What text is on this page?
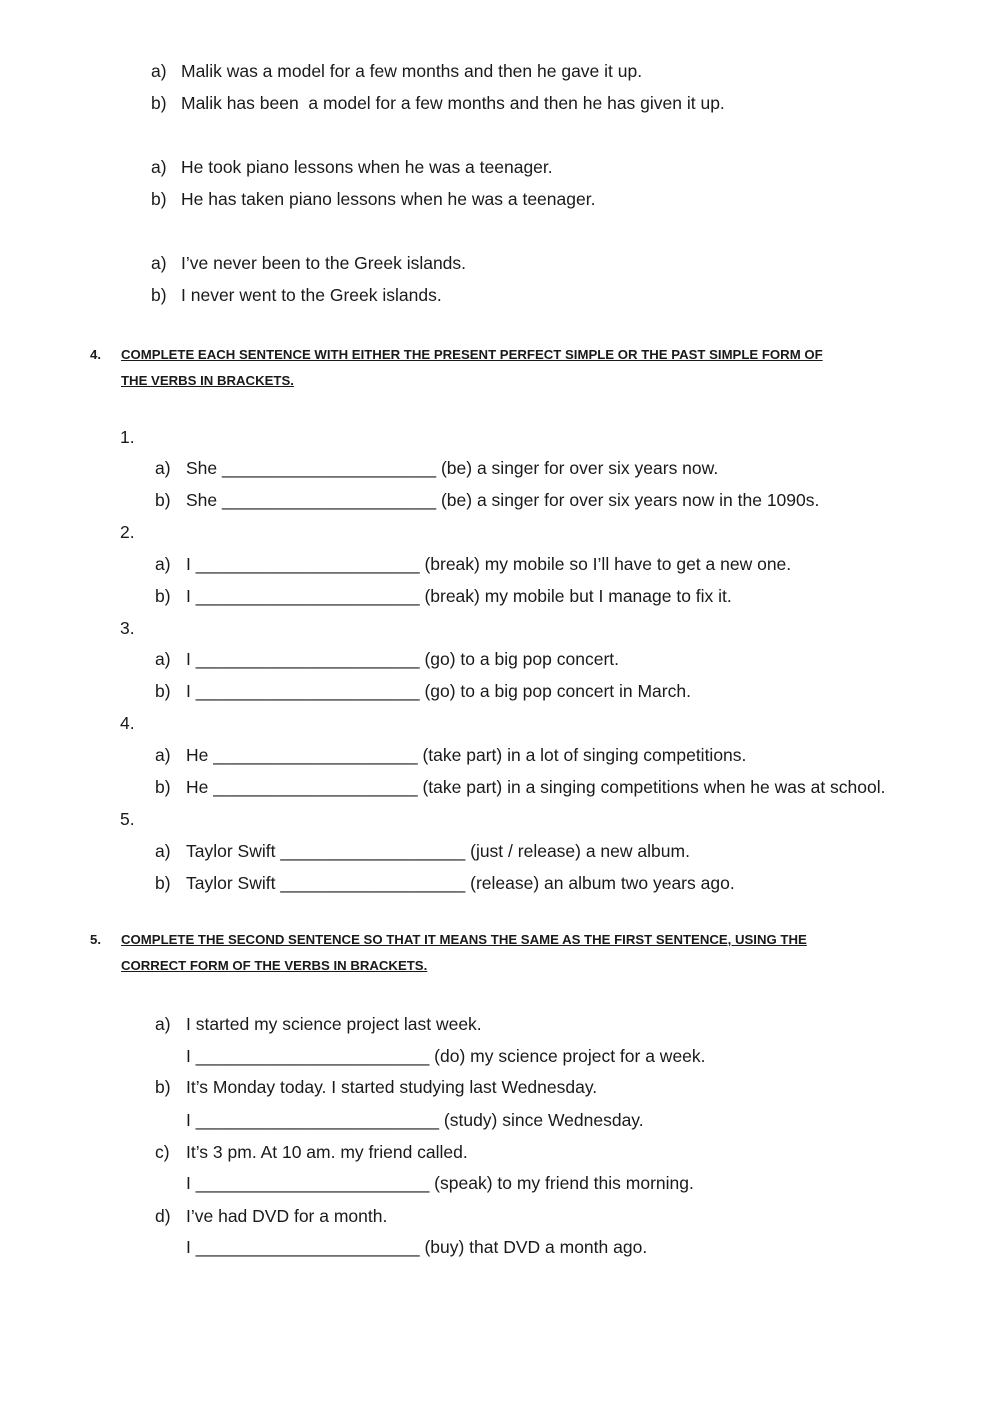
a) Malik was a model for a few months and then he gave it up.
b) Malik has been  a model for a few months and then he has given it up.
a) He took piano lessons when he was a teenager.
b) He has taken piano lessons when he was a teenager.
a) I’ve never been to the Greek islands.
b) I never went to the Greek islands.
4. COMPLETE EACH SENTENCE WITH EITHER THE PRESENT PERFECT SIMPLE OR THE PAST SIMPLE FORM OF
THE VERBS IN BRACKETS.
1.
a) She ______________________ (be) a singer for over six years now.
b) She ______________________ (be) a singer for over six years now in the 1090s.
2.
a) I _______________________ (break) my mobile so I’ll have to get a new one.
b) I _______________________ (break) my mobile but I manage to fix it.
3.
a) I _______________________ (go) to a big pop concert.
b) I _______________________ (go) to a big pop concert in March.
4.
a) He _____________________ (take part) in a lot of singing competitions.
b) He _____________________ (take part) in a singing competitions when he was at school.
5.
a) Taylor Swift ___________________ (just / release) a new album.
b) Taylor Swift ___________________ (release) an album two years ago.
5. COMPLETE THE SECOND SENTENCE SO THAT IT MEANS THE SAME AS THE FIRST SENTENCE, USING THE
CORRECT FORM OF THE VERBS IN BRACKETS.
a) I started my science project last week.
I ________________________ (do) my science project for a week.
b) It’s Monday today. I started studying last Wednesday.
I _________________________ (study) since Wednesday.
c) It’s 3 pm. At 10 am. my friend called.
I ________________________ (speak) to my friend this morning.
d) I’ve had DVD for a month.
I _______________________ (buy) that DVD a month ago.
